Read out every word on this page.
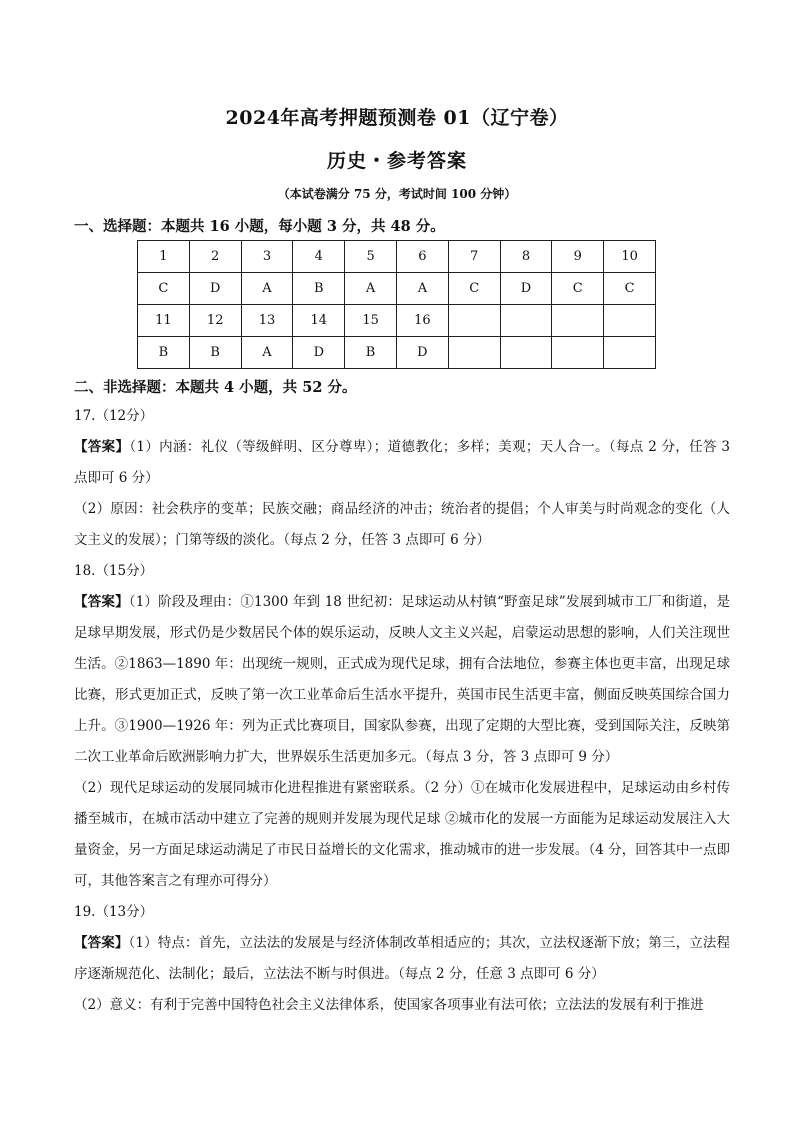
2024年高考押题预测卷 01（辽宁卷）
历史・参考答案
（本试卷满分 75 分，考试时间 100 分钟）
一、选择题：本题共 16 小题，每小题 3 分，共 48 分。
1	2	3	4	5	6	7	8	9	10
C	D	A	B	A	A	C	D	C	C
11	12	13	14	15	16				
B	B	A	D	B	D				
二、非选择题：本题共 4 小题，共 52 分。

17.（12分）

【答案】（1）内涵：礼仪（等级鲜明、区分尊卑）；道德教化；多样；美观；天人合一。（每点 2 分，任答 3 点即可 6 分）

（2）原因：社会秩序的变革；民族交融；商品经济的冲击；统治者的提倡；个人审美与时尚观念的变化（人文主义的发展）；门第等级的淡化。（每点 2 分，任答 3 点即可 6 分）

18.（15分）

【答案】（1）阶段及理由：①1300 年到 18 世纪初：足球运动从村镇“野蛮足球”发展到城市工厂和街道，是足球早期发展，形式仍是少数居民个体的娱乐运动，反映人文主义兴起，启蒙运动思想的影响，人们关注现世生活。②1863—1890 年：出现统一规则，正式成为现代足球，拥有合法地位，参赛主体也更丰富，出现足球比赛，形式更加正式，反映了第一次工业革命后生活水平提升，英国市民生活更丰富，侧面反映英国综合国力上升。③1900—1926 年：列为正式比赛项目，国家队参赛，出现了定期的大型比赛，受到国际关注，反映第二次工业革命后欧洲影响力扩大，世界娱乐生活更加多元。（每点 3 分，答 3 点即可 9 分）

（2）现代足球运动的发展同城市化进程推进有紧密联系。（2 分）①在城市化发展进程中，足球运动由乡村传播至城市，在城市活动中建立了完善的规则并发展为现代足球 ②城市化的发展一方面能为足球运动发展注入大量资金，另一方面足球运动满足了市民日益增长的文化需求，推动城市的进一步发展。（4 分，回答其中一点即可，其他答案言之有理亦可得分）

19.（13分）

【答案】（1）特点：首先，立法法的发展是与经济体制改革相适应的；其次，立法权逐渐下放；第三，立法程序逐渐规范化、法制化；最后，立法法不断与时俱进。（每点 2 分，任意 3 点即可 6 分）

（2）意义：有利于完善中国特色社会主义法律体系，使国家各项事业有法可依；立法法的发展有利于推进
